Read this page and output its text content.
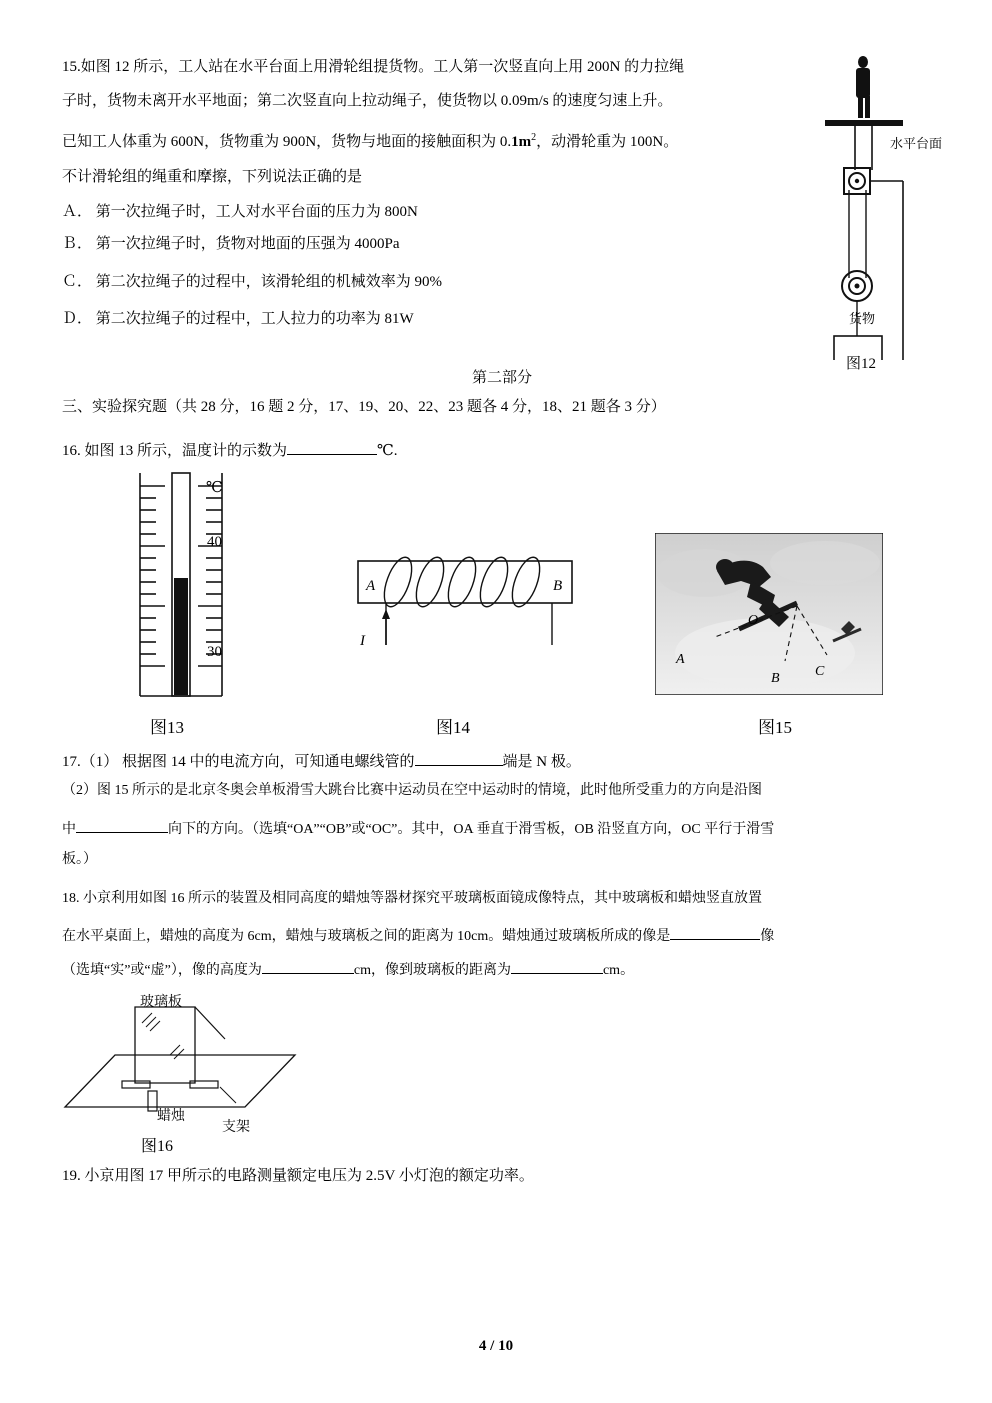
15.如图 12 所示，工人站在水平台面上用滑轮组提货物。工人第一次竖直向上用 200N 的力拉绳
子时，货物未离开水平地面；第二次竖直向上拉动绳子，使货物以 0.09m/s 的速度匀速上升。
已知工人体重为 600N，货物重为 900N，货物与地面的接触面积为 $0.1m^2$，动滑轮重为 100N。
不计滑轮组的绳重和摩擦，下列说法正确的是
Ａ． 第一次拉绳子时，工人对水平台面的压力为 800N
Ｂ． 第一次拉绳子时，货物对地面的压强为 4000Pa
Ｃ． 第二次拉绳子的过程中，该滑轮组的机械效率为 90%
Ｄ． 第二次拉绳子的过程中，工人拉力的功率为 81W
水平台面
货物
图12
第二部分
三、实验探究题（共 28 分，16 题 2 分，17、19、20、22、23 题各 4 分，18、21 题各 3 分）
16. 如图 13 所示，温度计的示数为	℃.
℃
40
30
图13
A	B
I
图14
O
A
B	C
图15
17.（1） 根据图 14 中的电流方向，可知通电螺线管的	端是 N 极。
（2）图 15 所示的是北京冬奥会单板滑雪大跳台比赛中运动员在空中运动时的情境，此时他所受重力的方向是沿图
中	向下的方向。（选填“OA”“OB”或“OC”。其中，OA 垂直于滑雪板，OB 沿竖直方向，OC 平行于滑雪
板。）
18. 小京利用如图 16 所示的装置及相同高度的蜡烛等器材探究平玻璃板面镜成像特点，其中玻璃板和蜡烛竖直放置
在水平桌面上，蜡烛的高度为 6cm，蜡烛与玻璃板之间的距离为 10cm。蜡烛通过玻璃板所成的像是	像
（选填“实”或“虚”），像的高度为	cm，像到玻璃板的距离为	cm。
玻璃板
蜡烛
支架
图16
19. 小京用图 17 甲所示的电路测量额定电压为 2.5V 小灯泡的额定功率。
4 / 10
